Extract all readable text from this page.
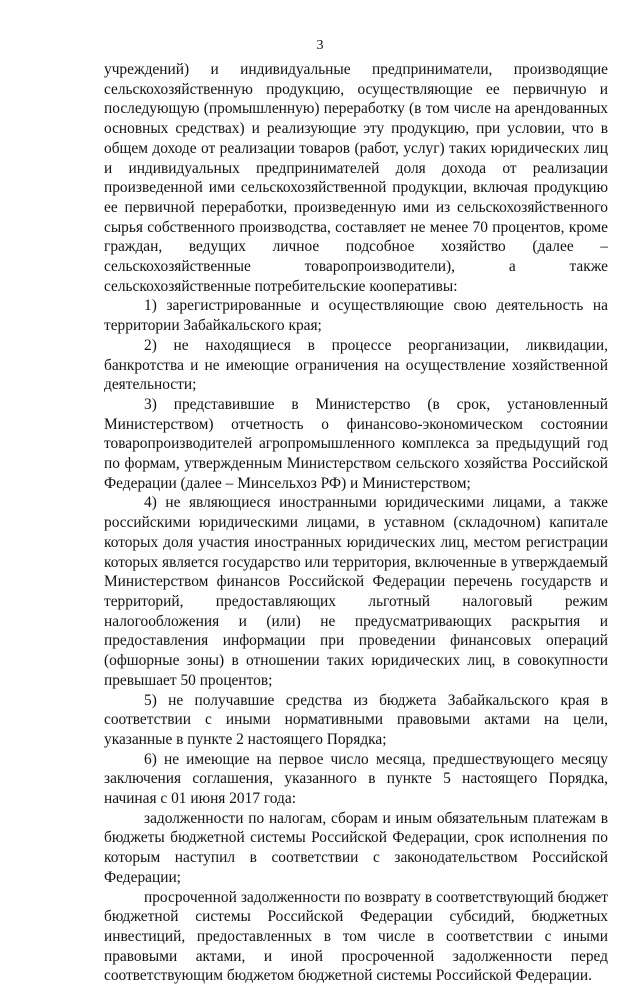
3

учреждений) и индивидуальные предприниматели, производящие сельскохозяйственную продукцию, осуществляющие ее первичную и последующую (промышленную) переработку (в том числе на арендованных основных средствах) и реализующие эту продукцию, при условии, что в общем доходе от реализации товаров (работ, услуг) таких юридических лиц и индивидуальных предпринимателей доля дохода от реализации произведенной ими сельскохозяйственной продукции, включая продукцию ее первичной переработки, произведенную ими из сельскохозяйственного сырья собственного производства, составляет не менее 70 процентов, кроме граждан, ведущих личное подсобное хозяйство (далее – сельскохозяйственные товаропроизводители), а также сельскохозяйственные потребительские кооперативы:

1) зарегистрированные и осуществляющие свою деятельность на территории Забайкальского края;

2) не находящиеся в процессе реорганизации, ликвидации, банкротства и не имеющие ограничения на осуществление хозяйственной деятельности;

3) представившие в Министерство (в срок, установленный Министерством) отчетность о финансово-экономическом состоянии товаропроизводителей агропромышленного комплекса за предыдущий год по формам, утвержденным Министерством сельского хозяйства Российской Федерации (далее – Минсельхоз РФ) и Министерством;

4) не являющиеся иностранными юридическими лицами, а также российскими юридическими лицами, в уставном (складочном) капитале которых доля участия иностранных юридических лиц, местом регистрации которых является государство или территория, включенные в утверждаемый Министерством финансов Российской Федерации перечень государств и территорий, предоставляющих льготный налоговый режим налогообложения и (или) не предусматривающих раскрытия и предоставления информации при проведении финансовых операций (офшорные зоны) в отношении таких юридических лиц, в совокупности превышает 50 процентов;

5) не получавшие средства из бюджета Забайкальского края в соответствии с иными нормативными правовыми актами на цели, указанные в пункте 2 настоящего Порядка;

6) не имеющие на первое число месяца, предшествующего месяцу заключения соглашения, указанного в пункте 5 настоящего Порядка, начиная с 01 июня 2017 года:

задолженности по налогам, сборам и иным обязательным платежам в бюджеты бюджетной системы Российской Федерации, срок исполнения по которым наступил в соответствии с законодательством Российской Федерации;

просроченной задолженности по возврату в соответствующий бюджет бюджетной системы Российской Федерации субсидий, бюджетных инвестиций, предоставленных в том числе в соответствии с иными правовыми актами, и иной просроченной задолженности перед соответствующим бюджетом бюджетной системы Российской Федерации.
